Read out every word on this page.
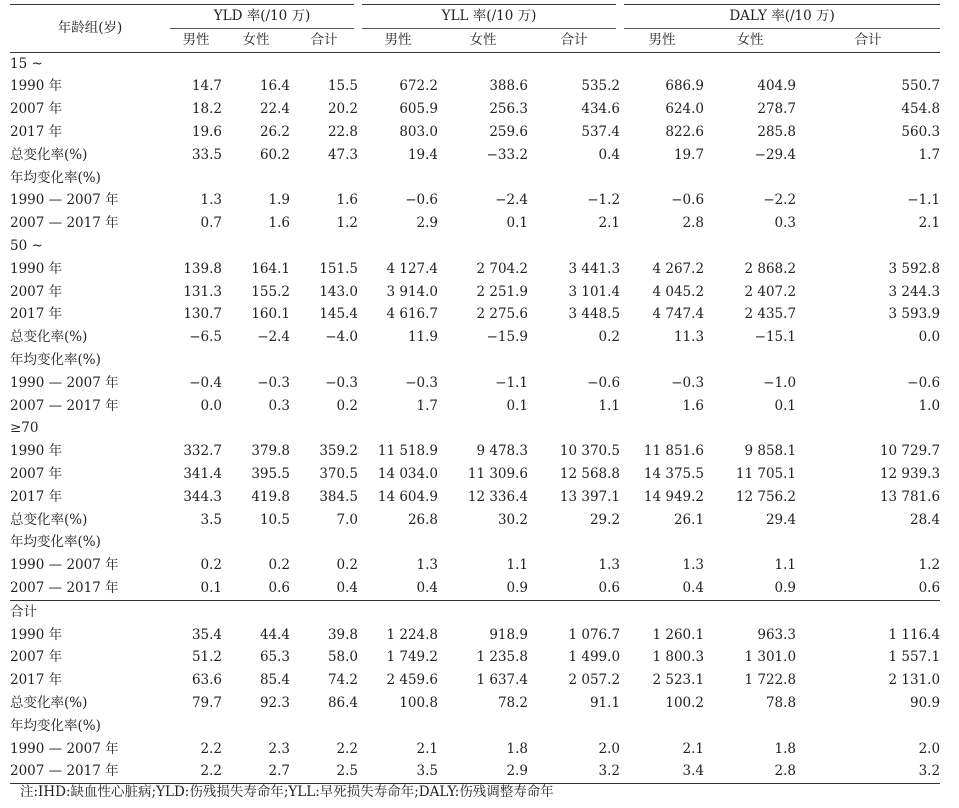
年龄组(岁)	YLD 率(/10 万)			YLL 率(/10 万)			DALY 率(/10 万)		
	男性	女性	合计	男性	女性	合计	男性	女性	合计
15 ~									
1990 年	14.7	16.4	15.5	672.2	388.6	535.2	686.9	404.9	550.7
2007 年	18.2	22.4	20.2	605.9	256.3	434.6	624.0	278.7	454.8
2017 年	19.6	26.2	22.8	803.0	259.6	537.4	822.6	285.8	560.3
总变化率(%)	33.5	60.2	47.3	19.4	−33.2	0.4	19.7	−29.4	1.7
年均变化率(%)									
1990 — 2007 年	1.3	1.9	1.6	−0.6	−2.4	−1.2	−0.6	−2.2	−1.1
2007 — 2017 年	0.7	1.6	1.2	2.9	0.1	2.1	2.8	0.3	2.1
50 ~									
1990 年	139.8	164.1	151.5	4 127.4	2 704.2	3 441.3	4 267.2	2 868.2	3 592.8
2007 年	131.3	155.2	143.0	3 914.0	2 251.9	3 101.4	4 045.2	2 407.2	3 244.3
2017 年	130.7	160.1	145.4	4 616.7	2 275.6	3 448.5	4 747.4	2 435.7	3 593.9
总变化率(%)	−6.5	−2.4	−4.0	11.9	−15.9	0.2	11.3	−15.1	0.0
年均变化率(%)									
1990 — 2007 年	−0.4	−0.3	−0.3	−0.3	−1.1	−0.6	−0.3	−1.0	−0.6
2007 — 2017 年	0.0	0.3	0.2	1.7	0.1	1.1	1.6	0.1	1.0
≥70									
1990 年	332.7	379.8	359.2	11 518.9	9 478.3	10 370.5	11 851.6	9 858.1	10 729.7
2007 年	341.4	395.5	370.5	14 034.0	11 309.6	12 568.8	14 375.5	11 705.1	12 939.3
2017 年	344.3	419.8	384.5	14 604.9	12 336.4	13 397.1	14 949.2	12 756.2	13 781.6
总变化率(%)	3.5	10.5	7.0	26.8	30.2	29.2	26.1	29.4	28.4
年均变化率(%)									
1990 — 2007 年	0.2	0.2	0.2	1.3	1.1	1.3	1.3	1.1	1.2
2007 — 2017 年	0.1	0.6	0.4	0.4	0.9	0.6	0.4	0.9	0.6
合计									
1990 年	35.4	44.4	39.8	1 224.8	918.9	1 076.7	1 260.1	963.3	1 116.4
2007 年	51.2	65.3	58.0	1 749.2	1 235.8	1 499.0	1 800.3	1 301.0	1 557.1
2017 年	63.6	85.4	74.2	2 459.6	1 637.4	2 057.2	2 523.1	1 722.8	2 131.0
总变化率(%)	79.7	92.3	86.4	100.8	78.2	91.1	100.2	78.8	90.9
年均变化率(%)									
1990 — 2007 年	2.2	2.3	2.2	2.1	1.8	2.0	2.1	1.8	2.0
2007 — 2017 年	2.2	2.7	2.5	3.5	2.9	3.2	3.4	2.8	3.2
注:IHD:缺血性心脏病;YLD:伤残损失寿命年;YLL:早死损失寿命年;DALY:伤残调整寿命年
